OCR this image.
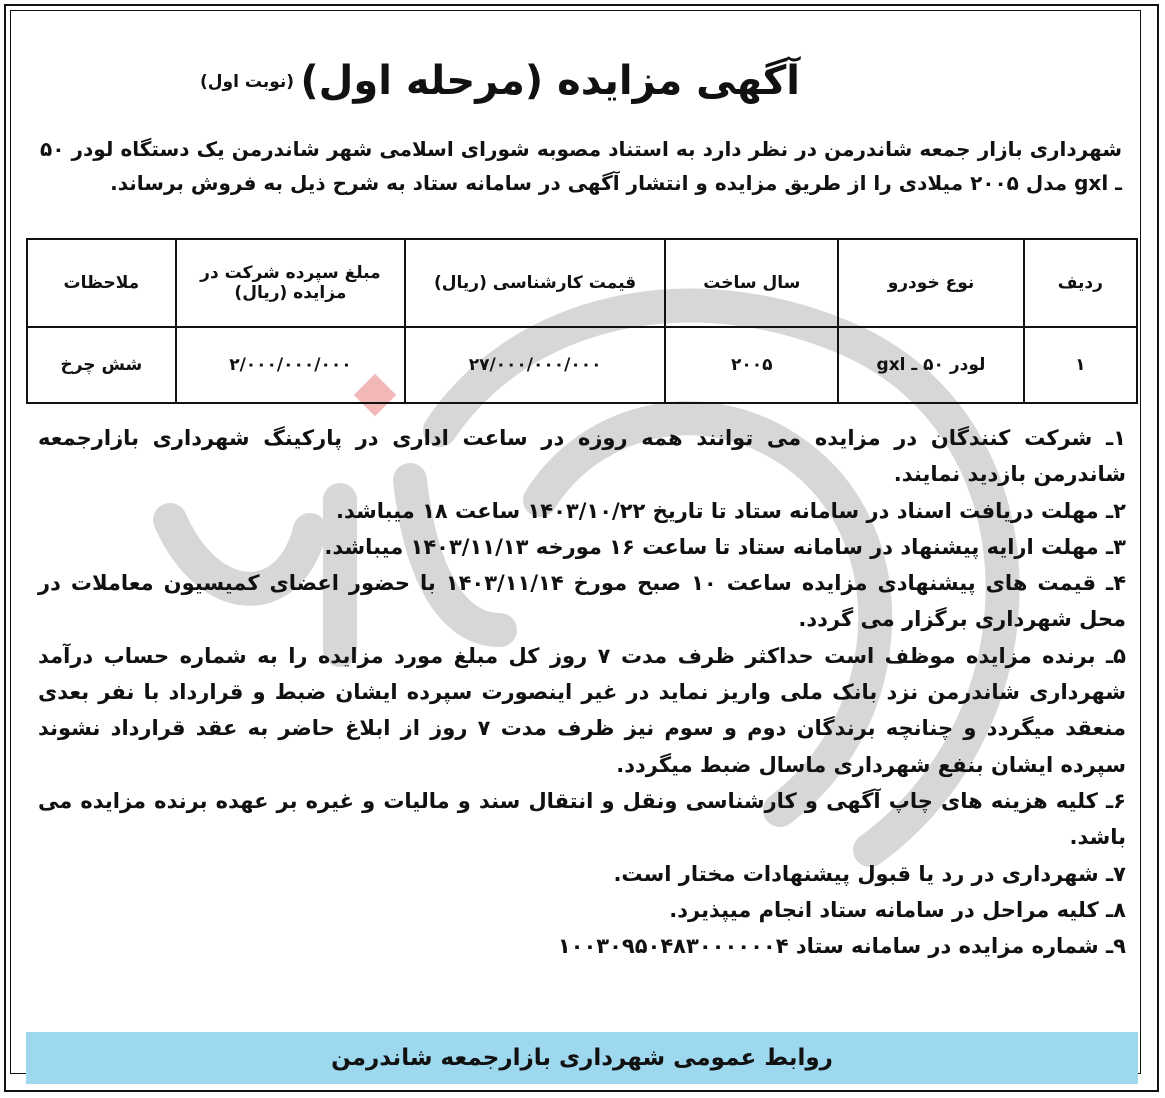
آگهی مزایده (مرحله اول)
(نوبت اول)
شهرداری بازار جمعه شاندرمن در نظر دارد به استناد مصوبه شورای اسلامی شهر شاندرمن یک دستگاه لودر ۵۰ ـ gxl مدل ۲۰۰۵ میلادی را از طریق مزایده و انتشار آگهی در سامانه ستاد به شرح ذیل به فروش برساند.
ردیف	نوع خودرو	سال ساخت	قیمت کارشناسی (ریال)	مبلغ سپرده شرکت در مزایده (ریال)	ملاحظات
۱	لودر ۵۰ ـ gxl	۲۰۰۵	۲۷/۰۰۰/۰۰۰/۰۰۰	۲/۰۰۰/۰۰۰/۰۰۰	شش چرخ

۱ـ شرکت کنندگان در مزایده می توانند همه روزه در ساعت اداری در پارکینگ شهرداری بازارجمعه شاندرمن بازدید نمایند.

۲ـ مهلت دریافت اسناد در سامانه ستاد تا تاریخ ۱۴۰۳/۱۰/۲۲ ساعت ۱۸ میباشد.

۳ـ مهلت ارایه پیشنهاد در سامانه ستاد تا ساعت ۱۶ مورخه ۱۴۰۳/۱۱/۱۳ میباشد.

۴ـ قیمت های پیشنهادی مزایده ساعت ۱۰ صبح مورخ ۱۴۰۳/۱۱/۱۴ با حضور اعضای کمیسیون معاملات در محل شهرداری برگزار می گردد.

۵ـ برنده مزایده موظف است حداکثر ظرف مدت ۷ روز کل مبلغ مورد مزایده را به شماره حساب درآمد شهرداری شاندرمن نزد بانک ملی واریز نماید در غیر اینصورت سپرده ایشان ضبط و قرارداد با نفر بعدی منعقد میگردد و چنانچه برندگان دوم و سوم نیز ظرف مدت ۷ روز از ابلاغ حاضر به عقد قرارداد نشوند سپرده ایشان بنفع شهرداری ماسال ضبط میگردد.

۶ـ کلیه هزینه های چاپ آگهی و کارشناسی ونقل و انتقال سند و مالیات و غیره بر عهده برنده مزایده می باشد.

۷ـ شهرداری در رد یا قبول پیشنهادات مختار است.

۸ـ کلیه مراحل در سامانه ستاد انجام میپذیرد.

۹ـ شماره مزایده در سامانه ستاد ۱۰۰۳۰۹۵۰۴۸۳۰۰۰۰۰۰۴

روابط عمومی شهرداری بازارجمعه شاندرمن
